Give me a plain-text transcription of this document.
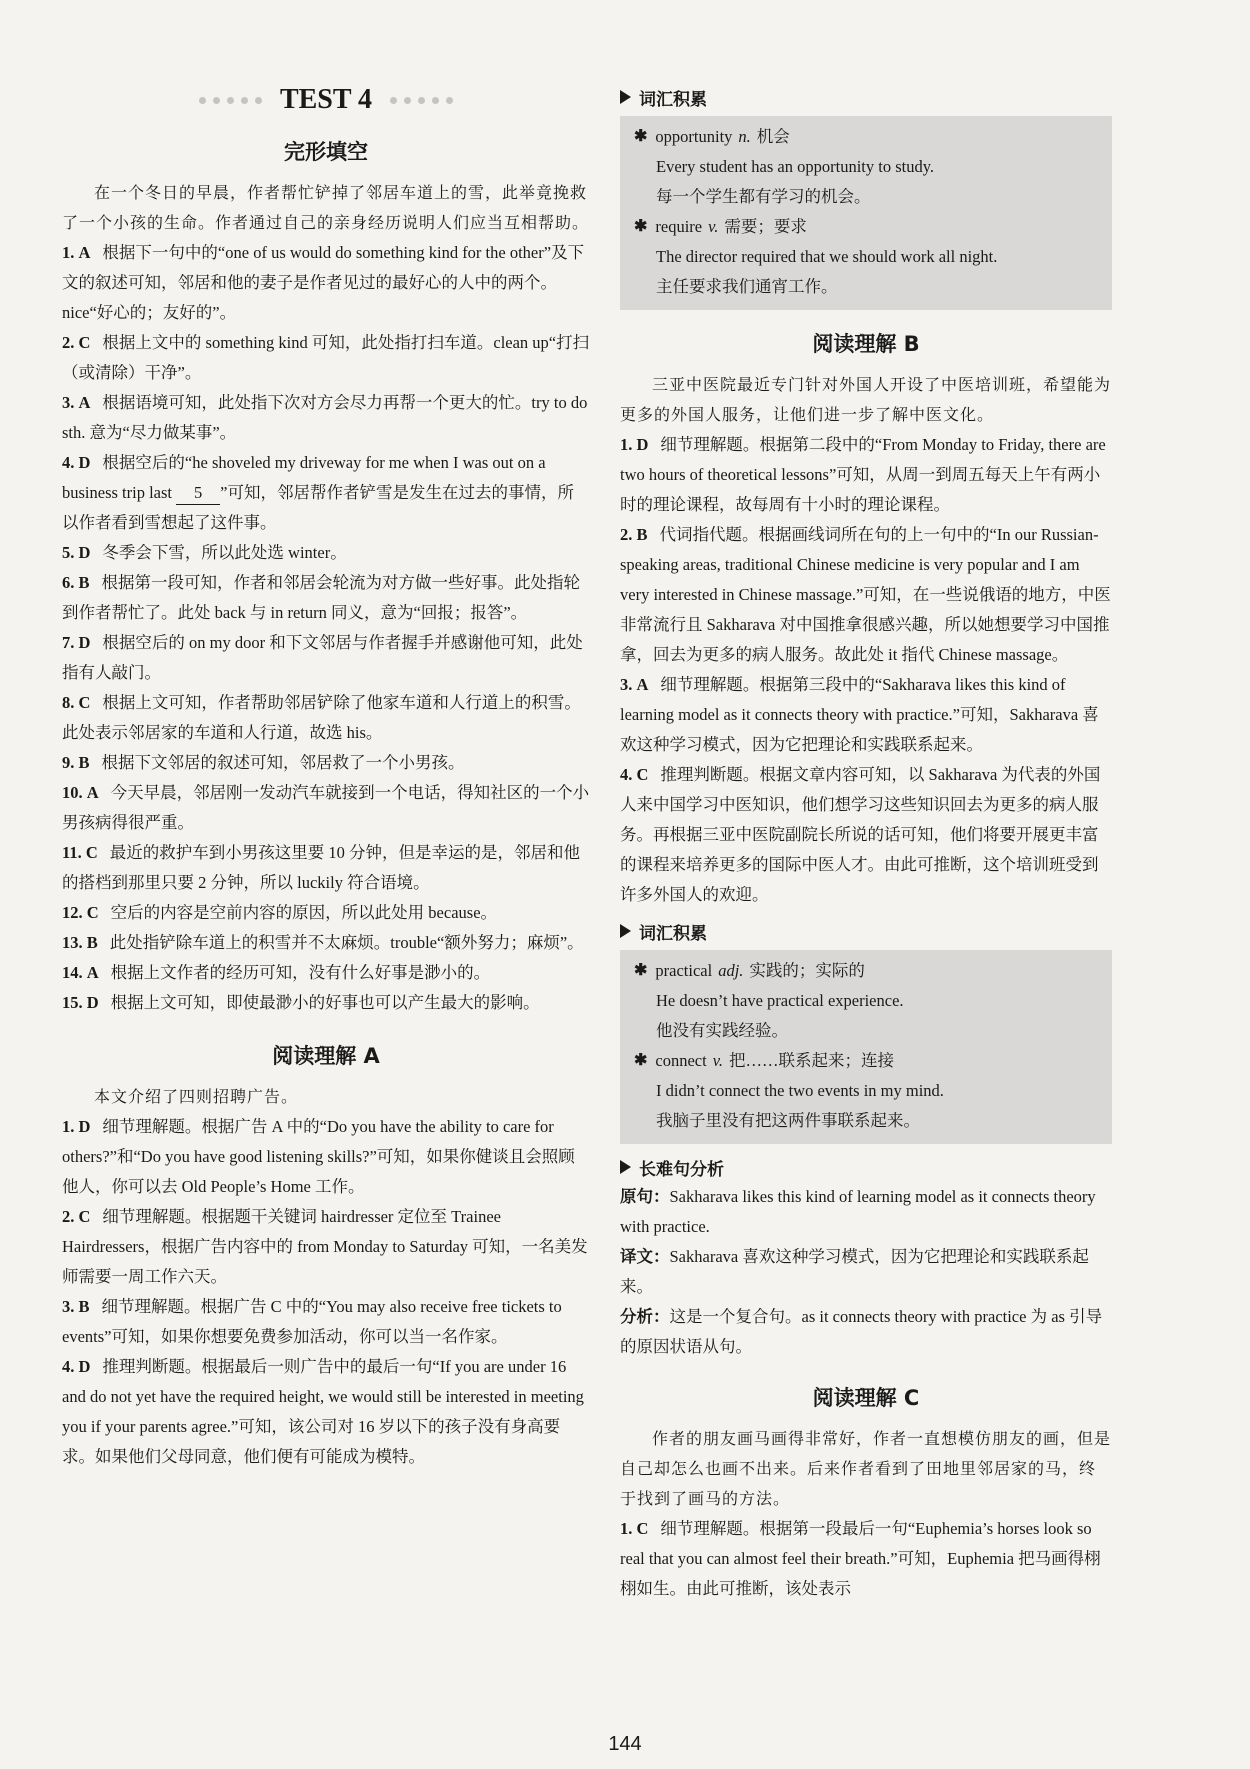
TEST 4
完形填空

在一个冬日的早晨，作者帮忙铲掉了邻居车道上的雪，此举竟挽救了一个小孩的生命。作者通过自己的亲身经历说明人们应当互相帮助。

1. A 根据下一句中的“one of us would do something kind for the other”及下文的叙述可知，邻居和他的妻子是作者见过的最好心的人中的两个。nice“好心的；友好的”。

2. C 根据上文中的 something kind 可知，此处指打扫车道。clean up“打扫（或清除）干净”。

3. A 根据语境可知，此处指下次对方会尽力再帮一个更大的忙。try to do sth. 意为“尽力做某事”。

4. D 根据空后的“he shoveled my driveway for me when I was out on a business trip last 5 ”可知，邻居帮作者铲雪是发生在过去的事情，所以作者看到雪想起了这件事。

5. D 冬季会下雪，所以此处选 winter。

6. B 根据第一段可知，作者和邻居会轮流为对方做一些好事。此处指轮到作者帮忙了。此处 back 与 in return 同义，意为“回报；报答”。

7. D 根据空后的 on my door 和下文邻居与作者握手并感谢他可知，此处指有人敲门。

8. C 根据上文可知，作者帮助邻居铲除了他家车道和人行道上的积雪。此处表示邻居家的车道和人行道，故选 his。

9. B 根据下文邻居的叙述可知，邻居救了一个小男孩。

10. A 今天早晨，邻居刚一发动汽车就接到一个电话，得知社区的一个小男孩病得很严重。

11. C 最近的救护车到小男孩这里要 10 分钟，但是幸运的是，邻居和他的搭档到那里只要 2 分钟，所以 luckily 符合语境。

12. C 空后的内容是空前内容的原因，所以此处用 because。

13. B 此处指铲除车道上的积雪并不太麻烦。trouble“额外努力；麻烦”。

14. A 根据上文作者的经历可知，没有什么好事是渺小的。

15. D 根据上文可知，即使最渺小的好事也可以产生最大的影响。

阅读理解 A

本文介绍了四则招聘广告。

1. D 细节理解题。根据广告 A 中的“Do you have the ability to care for others?”和“Do you have good listening skills?”可知，如果你健谈且会照顾他人，你可以去 Old People’s Home 工作。

2. C 细节理解题。根据题干关键词 hairdresser 定位至 Trainee Hairdressers，根据广告内容中的 from Monday to Saturday 可知，一名美发师需要一周工作六天。

3. B 细节理解题。根据广告 C 中的“You may also receive free tickets to events”可知，如果你想要免费参加活动，你可以当一名作家。

4. D 推理判断题。根据最后一则广告中的最后一句“If you are under 16 and do not yet have the required height, we would still be interested in meeting you if your parents agree.”可知，该公司对 16 岁以下的孩子没有身高要求。如果他们父母同意，他们便有可能成为模特。

词汇积累
✱ opportunity n. 机会
Every student has an opportunity to study.
每一个学生都有学习的机会。
✱ require v. 需要；要求
The director required that we should work all night.
主任要求我们通宵工作。
阅读理解 B

三亚中医院最近专门针对外国人开设了中医培训班，希望能为更多的外国人服务，让他们进一步了解中医文化。

1. D 细节理解题。根据第二段中的“From Monday to Friday, there are two hours of theoretical lessons”可知，从周一到周五每天上午有两小时的理论课程，故每周有十小时的理论课程。

2. B 代词指代题。根据画线词所在句的上一句中的“In our Russian-speaking areas, traditional Chinese medicine is very popular and I am very interested in Chinese massage.”可知，在一些说俄语的地方，中医非常流行且 Sakharava 对中国推拿很感兴趣，所以她想要学习中国推拿，回去为更多的病人服务。故此处 it 指代 Chinese massage。

3. A 细节理解题。根据第三段中的“Sakharava likes this kind of learning model as it connects theory with practice.”可知，Sakharava 喜欢这种学习模式，因为它把理论和实践联系起来。

4. C 推理判断题。根据文章内容可知，以 Sakharava 为代表的外国人来中国学习中医知识，他们想学习这些知识回去为更多的病人服务。再根据三亚中医院副院长所说的话可知，他们将要开展更丰富的课程来培养更多的国际中医人才。由此可推断，这个培训班受到许多外国人的欢迎。

词汇积累
✱ practical adj. 实践的；实际的
He doesn’t have practical experience.
他没有实践经验。
✱ connect v. 把……联系起来；连接
I didn’t connect the two events in my mind.
我脑子里没有把这两件事联系起来。
长难句分析

原句：Sakharava likes this kind of learning model as it connects theory with practice.

译文：Sakharava 喜欢这种学习模式，因为它把理论和实践联系起来。

分析：这是一个复合句。as it connects theory with practice 为 as 引导的原因状语从句。

阅读理解 C

作者的朋友画马画得非常好，作者一直想模仿朋友的画，但是自己却怎么也画不出来。后来作者看到了田地里邻居家的马，终于找到了画马的方法。

1. C 细节理解题。根据第一段最后一句“Euphemia’s horses look so real that you can almost feel their breath.”可知，Euphemia 把马画得栩栩如生。由此可推断，该处表示

144
